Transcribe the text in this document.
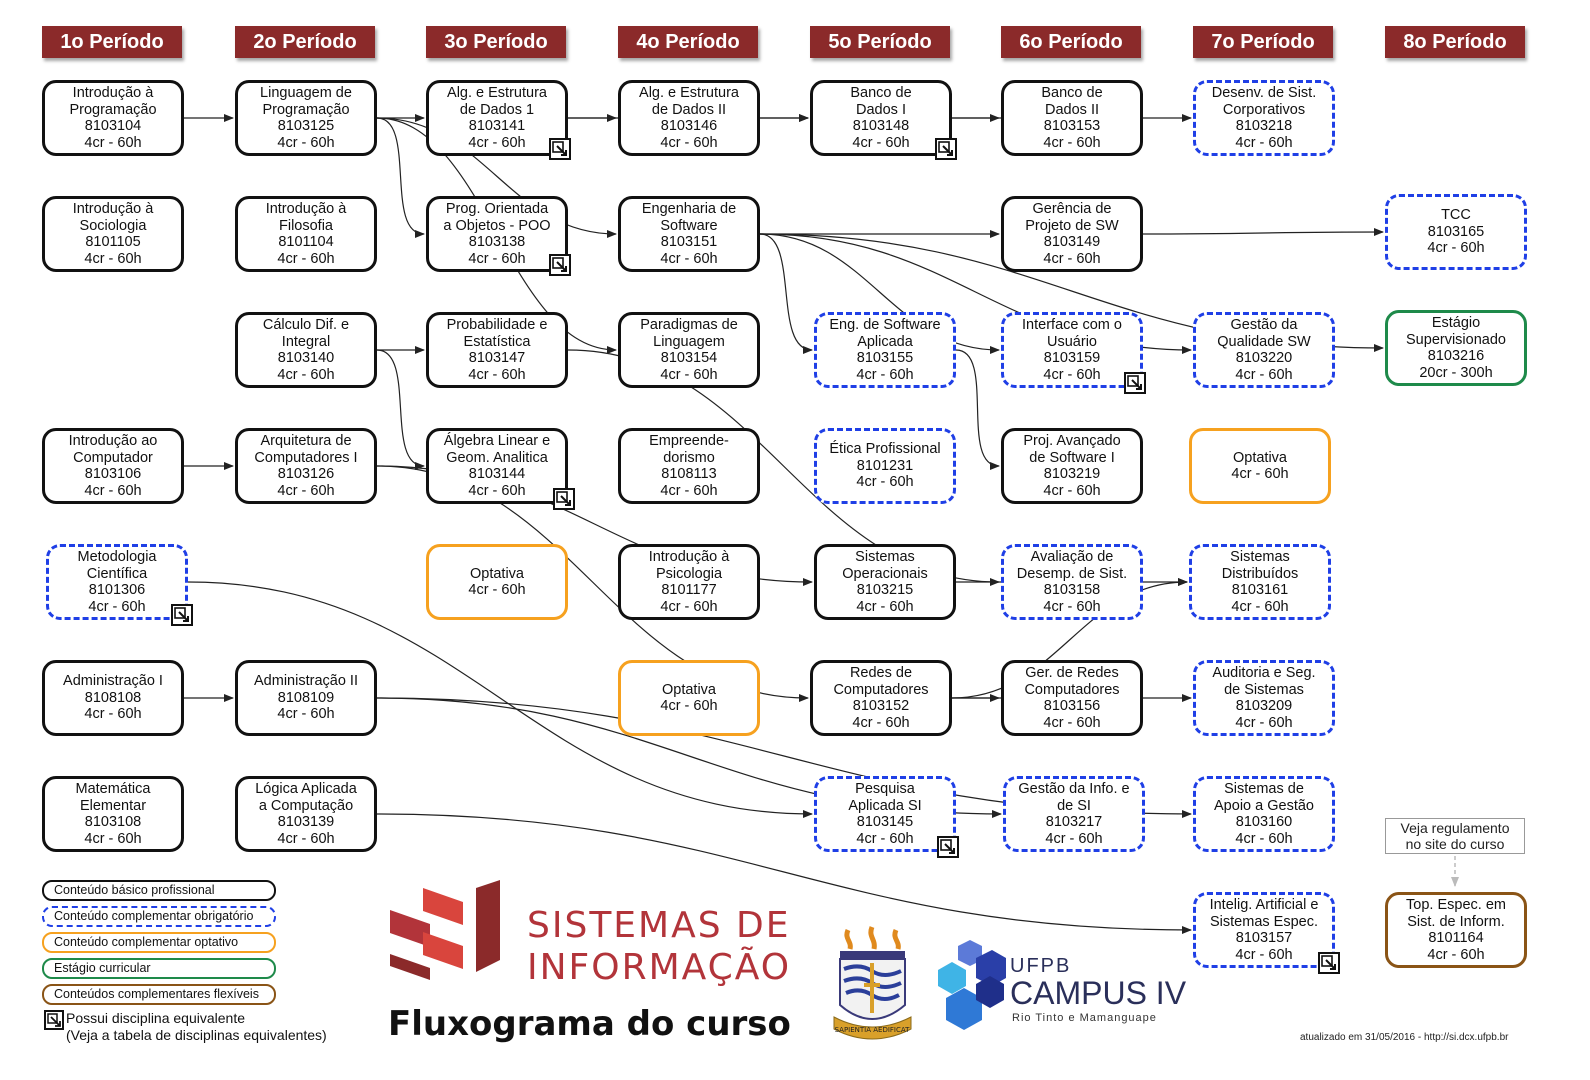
1o Período	2o Período	3o Período	4o Período	5o Período	6o Período	7o Período	8o Período
Introdução à
Programação
8103104
4cr - 60h
Introdução à
Sociologia
8101105
4cr - 60h
Introdução ao
Computador
8103106
4cr - 60h
Metodologia
Científica
8101306
4cr - 60h
Administração I
8108108
4cr - 60h
Matemática
Elementar
8103108
4cr - 60h
Linguagem de
Programação
8103125
4cr - 60h
Introdução à
Filosofia
8101104
4cr - 60h
Cálculo Dif. e
Integral
8103140
4cr - 60h
Arquitetura de
Computadores I
8103126
4cr - 60h
Administração II
8108109
4cr - 60h
Lógica Aplicada
a Computação
8103139
4cr - 60h
Alg. e Estrutura
de Dados 1
8103141
4cr - 60h
Prog. Orientada
a Objetos - POO
8103138
4cr - 60h
Probabilidade e
Estatística
8103147
4cr - 60h
Álgebra Linear e
Geom. Analitica
8103144
4cr - 60h
Optativa
4cr - 60h
Alg. e Estrutura
de Dados II
8103146
4cr - 60h
Engenharia de
Software
8103151
4cr - 60h
Paradigmas de
Linguagem
8103154
4cr - 60h
Empreende-
dorismo
8108113
4cr - 60h
Introdução à
Psicologia
8101177
4cr - 60h
Optativa
4cr - 60h
Banco de
Dados I
8103148
4cr - 60h
Eng. de Software
Aplicada
8103155
4cr - 60h
Ética Profissional
8101231
4cr - 60h
Sistemas
Operacionais
8103215
4cr - 60h
Redes de
Computadores
8103152
4cr - 60h
Pesquisa
Aplicada SI
8103145
4cr - 60h
Banco de
Dados II
8103153
4cr - 60h
Gerência de
Projeto de SW
8103149
4cr - 60h
Interface com o
Usuário
8103159
4cr - 60h
Proj. Avançado
de Software I
8103219
4cr - 60h
Avaliação de
Desemp. de Sist.
8103158
4cr - 60h
Ger. de Redes
Computadores
8103156
4cr - 60h
Gestão da Info. e
de SI
8103217
4cr - 60h
Desenv. de Sist.
Corporativos
8103218
4cr - 60h
Gestão da
Qualidade SW
8103220
4cr - 60h
Optativa
4cr - 60h
Sistemas
Distribuídos
8103161
4cr - 60h
Auditoria e Seg.
de Sistemas
8103209
4cr - 60h
Sistemas de
Apoio a Gestão
8103160
4cr - 60h
Intelig. Artificial e
Sistemas Espec.
8103157
4cr - 60h
TCC
8103165
4cr - 60h
Estágio
Supervisionado
8103216
20cr - 300h
Top. Espec. em
Sist. de Inform.
8101164
4cr - 60h
Conteúdo básico profissional
Conteúdo complementar obrigatório
Conteúdo complementar optativo
Estágio curricular
Conteúdos complementares flexíveis
Possui disciplina equivalente
(Veja a tabela de disciplinas equivalentes)
Veja regulamento
no site do curso
SISTEMAS DE
INFORMAÇÃO
Fluxograma do curso	SAPIENTIA AEDIFICAT
UFPB
CAMPUS IV
Rio Tinto e Mamanguape
atualizado em 31/05/2016 - http://si.dcx.ufpb.br
